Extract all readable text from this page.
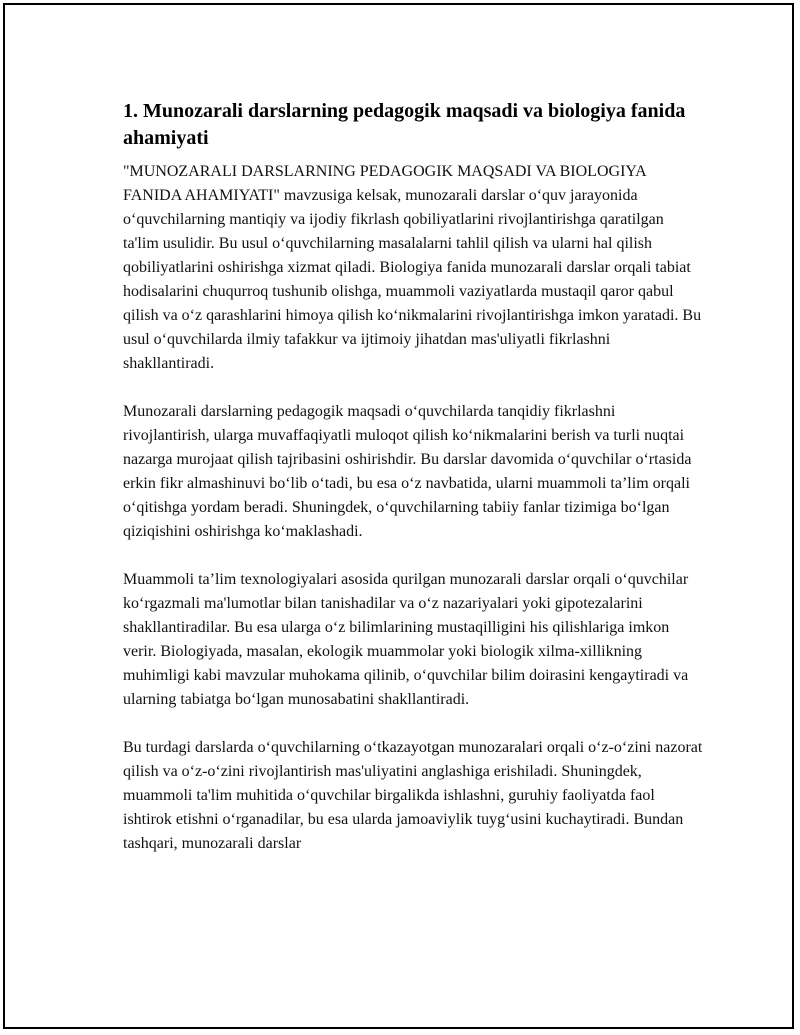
1. Munozarali darslarning pedagogik maqsadi va biologiya fanida ahamiyati

"MUNOZARALI DARSLARNING PEDAGOGIK MAQSADI VA BIOLOGIYA FANIDA AHAMIYATI" mavzusiga kelsak, munozarali darslar o‘quv jarayonida o‘quvchilarning mantiqiy va ijodiy fikrlash qobiliyatlarini rivojlantirishga qaratilgan ta'lim usulidir. Bu usul o‘quvchilarning masalalarni tahlil qilish va ularni hal qilish qobiliyatlarini oshirishga xizmat qiladi. Biologiya fanida munozarali darslar orqali tabiat hodisalarini chuqurroq tushunib olishga, muammoli vaziyatlarda mustaqil qaror qabul qilish va o‘z qarashlarini himoya qilish ko‘nikmalarini rivojlantirishga imkon yaratadi. Bu usul o‘quvchilarda ilmiy tafakkur va ijtimoiy jihatdan mas'uliyatli fikrlashni shakllantiradi.

Munozarali darslarning pedagogik maqsadi o‘quvchilarda tanqidiy fikrlashni rivojlantirish, ularga muvaffaqiyatli muloqot qilish ko‘nikmalarini berish va turli nuqtai nazarga murojaat qilish tajribasini oshirishdir. Bu darslar davomida o‘quvchilar o‘rtasida erkin fikr almashinuvi bo‘lib o‘tadi, bu esa o‘z navbatida, ularni muammoli ta’lim orqali o‘qitishga yordam beradi. Shuningdek, o‘quvchilarning tabiiy fanlar tizimiga bo‘lgan qiziqishini oshirishga ko‘maklashadi.

Muammoli ta’lim texnologiyalari asosida qurilgan munozarali darslar orqali o‘quvchilar ko‘rgazmali ma'lumotlar bilan tanishadilar va o‘z nazariyalari yoki gipotezalarini shakllantiradilar. Bu esa ularga o‘z bilimlarining mustaqilligini his qilishlariga imkon verir. Biologiyada, masalan, ekologik muammolar yoki biologik xilma-xillikning muhimligi kabi mavzular muhokama qilinib, o‘quvchilar bilim doirasini kengaytiradi va ularning tabiatga bo‘lgan munosabatini shakllantiradi.

Bu turdagi darslarda o‘quvchilarning o‘tkazayotgan munozaralari orqali o‘z-o‘zini nazorat qilish va o‘z-o‘zini rivojlantirish mas'uliyatini anglashiga erishiladi. Shuningdek, muammoli ta'lim muhitida o‘quvchilar birgalikda ishlashni, guruhiy faoliyatda faol ishtirok etishni o‘rganadilar, bu esa ularda jamoaviylik tuyg‘usini kuchaytiradi. Bundan tashqari, munozarali darslar
